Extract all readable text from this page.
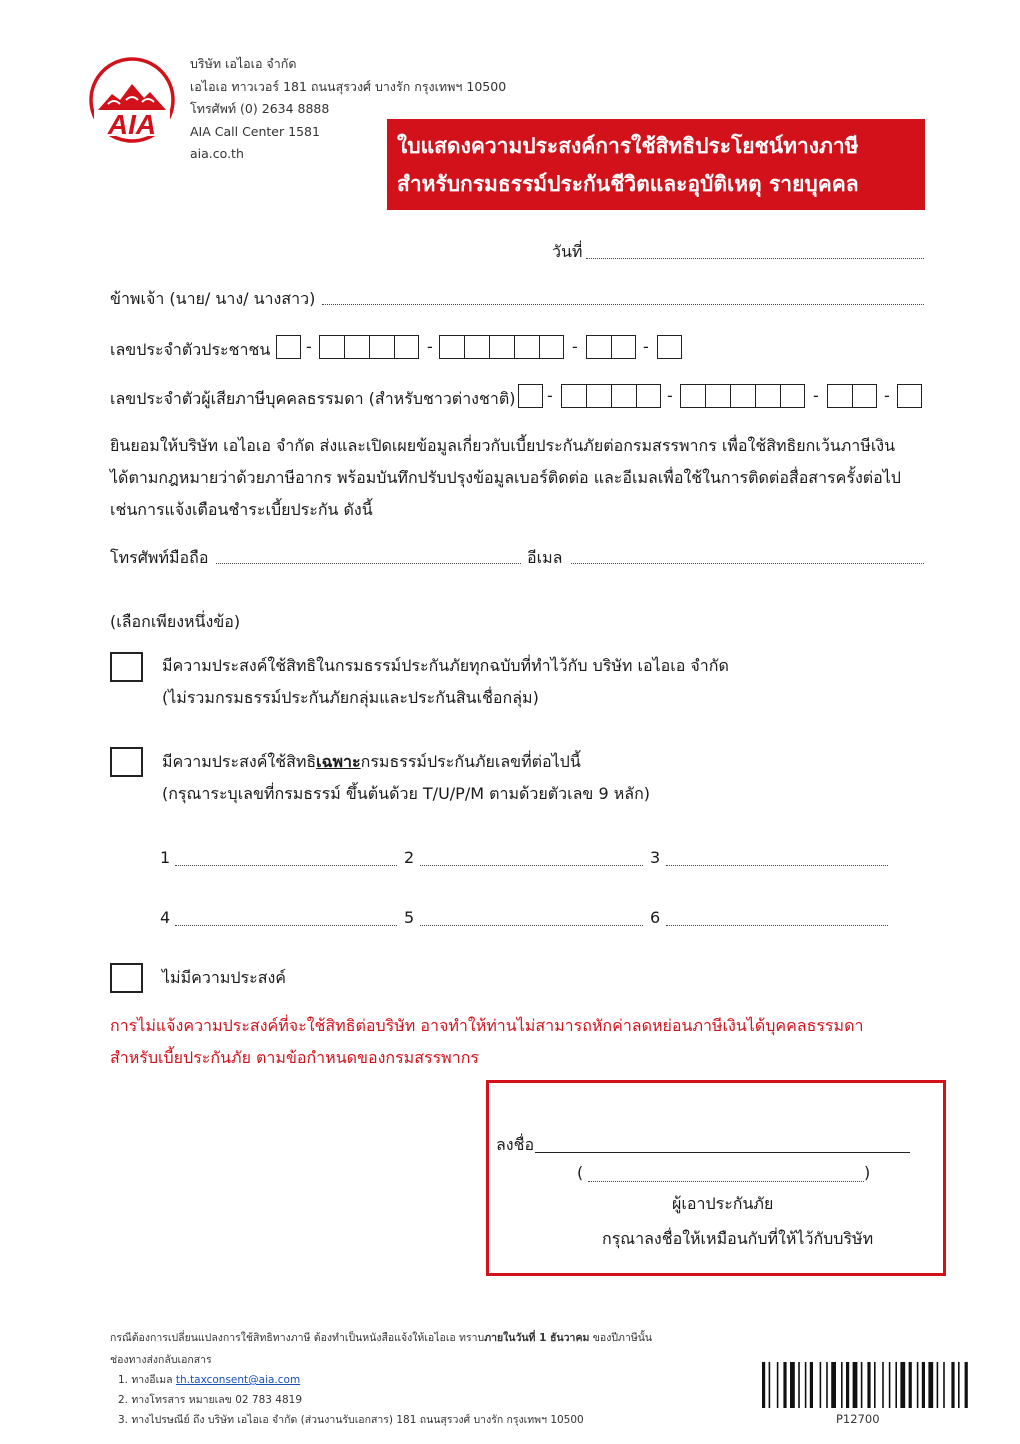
AIA
บริษัท เอไอเอ จำกัด
เอไอเอ ทาวเวอร์ 181 ถนนสุรวงศ์ บางรัก กรุงเทพฯ 10500
โทรศัพท์ (0) 2634 8888
AIA Call Center 1581
aia.co.th	ใบแสดงความประสงค์การใช้สิทธิประโยชน์ทางภาษี
สำหรับกรมธรรม์ประกันชีวิตและอุบัติเหตุ รายบุคคล
วันที่
ข้าพเจ้า (นาย/ นาง/ นางสาว)
เลขประจำตัวประชาชน -	-	-	-
เลขประจำตัวผู้เสียภาษีบุคคลธรรมดา (สำหรับชาวต่างชาติ) -	-	-	-
ยินยอมให้บริษัท เอไอเอ จำกัด ส่งและเปิดเผยข้อมูลเกี่ยวกับเบี้ยประกันภัยต่อกรมสรรพากร เพื่อใช้สิทธิยกเว้นภาษีเงิน
ได้ตามกฎหมายว่าด้วยภาษีอากร พร้อมบันทึกปรับปรุงข้อมูลเบอร์ติดต่อ และอีเมลเพื่อใช้ในการติดต่อสื่อสารครั้งต่อไป
เช่นการแจ้งเตือนชำระเบี้ยประกัน ดังนี้
โทรศัพท์มือถือ	อีเมล
(เลือกเพียงหนึ่งข้อ)
มีความประสงค์ใช้สิทธิในกรมธรรม์ประกันภัยทุกฉบับที่ทำไว้กับ บริษัท เอไอเอ จำกัด
(ไม่รวมกรมธรรม์ประกันภัยกลุ่มและประกันสินเชื่อกลุ่ม)
มีความประสงค์ใช้สิทธิเฉพาะกรมธรรม์ประกันภัยเลขที่ต่อไปนี้
(กรุณาระบุเลขที่กรมธรรม์ ขึ้นต้นด้วย T/U/P/M ตามด้วยตัวเลข 9 หลัก)
1	2	3
4	5	6
ไม่มีความประสงค์
การไม่แจ้งความประสงค์ที่จะใช้สิทธิต่อบริษัท อาจทำให้ท่านไม่สามารถหักค่าลดหย่อนภาษีเงินได้บุคคลธรรมดา
สำหรับเบี้ยประกันภัย ตามข้อกำหนดของกรมสรรพากร
ลงชื่อ
(	)
ผู้เอาประกันภัย
กรุณาลงชื่อให้เหมือนกับที่ให้ไว้กับบริษัท
กรณีต้องการเปลี่ยนแปลงการใช้สิทธิทางภาษี ต้องทำเป็นหนังสือแจ้งให้เอไอเอ ทราบภายในวันที่ 1 ธันวาคม ของปีภาษีนั้น
ช่องทางส่งกลับเอกสาร
1. ทางอีเมล th.taxconsent@aia.com
2. ทางโทรสาร หมายเลข 02 783 4819
3. ทางไปรษณีย์ ถึง บริษัท เอไอเอ จำกัด (ส่วนงานรับเอกสาร) 181 ถนนสุรวงศ์ บางรัก กรุงเทพฯ 10500	P12700
